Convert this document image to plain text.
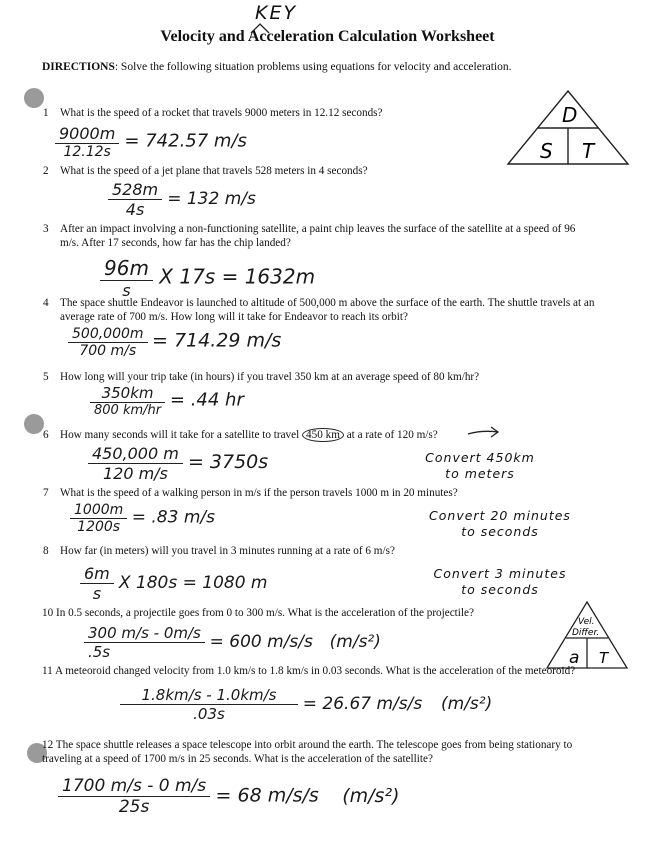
KEY
Velocity and Acceleration Calculation Worksheet
DIRECTIONS: Solve the following situation problems using equations for velocity and acceleration.
D
S T
1 What is the speed of a rocket that travels 9000 meters in 12.12 seconds?
$\frac{9000m}{12.12s} = 742.57$ m/s
2 What is the speed of a jet plane that travels 528 meters in 4 seconds?
$\frac{528m}{4s} = 132$ m/s
3 After an impact involving a non-functioning satellite, a paint chip leaves the surface of the satellite at a speed of 96 m/s. After 17 seconds, how far has the chip landed?
$\frac{96m}{s}$ X 17s = 1632m
4 The space shuttle Endeavor is launched to altitude of 500,000 m above the surface of the earth. The shuttle travels at an average rate of 700 m/s. How long will it take for Endeavor to reach its orbit?
$\frac{500,000m}{700 m/s} = 714.29$ m/s
5 How long will your trip take (in hours) if you travel 350 km at an average speed of 80 km/hr?
$\frac{350km}{800 km/hr} = .44$ hr
6 How many seconds will it take for a satellite to travel 450 km at a rate of 120 m/s?
$\frac{450,000 m}{120 m/s} = 3750s$	Convert 450km
to meters
7 What is the speed of a walking person in m/s if the person travels 1000 m in 20 minutes?
$\frac{1000m}{1200s} = .83$ m/s	Convert 20 minutes
to seconds
8 How far (in meters) will you travel in 3 minutes running at a rate of 6 m/s?
$\frac{6m}{s}$ X 180s = 1080 m	Convert 3 minutes
to seconds
Vel.
Differ.
a T
10 In 0.5 seconds, a projectile goes from 0 to 300 m/s. What is the acceleration of the projectile?
$\frac{300 m/s - 0m/s}{.5s} = 600$ m/s/s (m/s²)
11 A meteoroid changed velocity from 1.0 km/s to 1.8 km/s in 0.03 seconds. What is the acceleration of the meteoroid?
$\frac{1.8km/s - 1.0km/s}{.03s} = 26.67$ m/s/s (m/s²)
12 The space shuttle releases a space telescope into orbit around the earth. The telescope goes from being stationary to traveling at a speed of 1700 m/s in 25 seconds. What is the acceleration of the satellite?
$\frac{1700 m/s - 0 m/s}{25s} = 68$ m/s/s (m/s²)
